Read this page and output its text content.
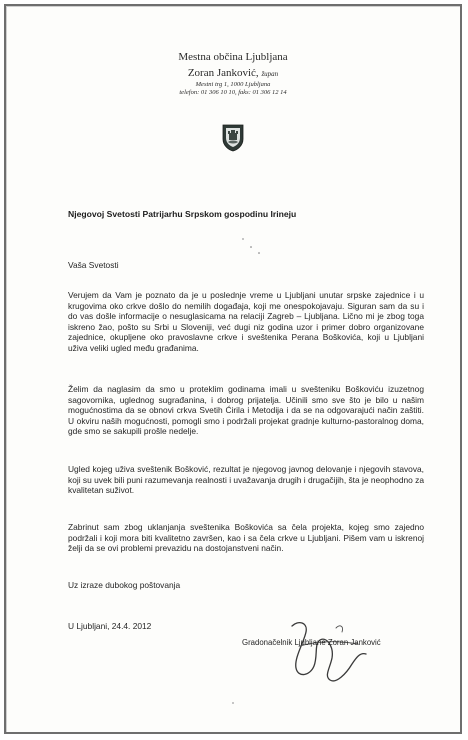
Mestna občina Ljubljana
Zoran Janković, župan
Mestni trg 1, 1000 Ljubljana
telefon: 01 306 10 10, faks: 01 306 12 14
Njegovoj Svetosti Patrijarhu Srpskom gospodinu Irineju
Vaša Svetosti
Verujem da Vam je poznato da je u poslednje vreme u Ljubljani unutar srpske zajednice i u krugovima oko crkve došlo do nemilih događaja, koji me onespokojavaju. Siguran sam da su i do vas došle informacije o nesuglasicama na relaciji Zagreb – Ljubljana. Lično mi je zbog toga iskreno žao, pošto su Srbi u Sloveniji, već dugi niz godina uzor i primer dobro organizovane zajednice, okupljene oko pravoslavne crkve i sveštenika Perana Boškovića, koji u Ljubljani uživa veliki ugled među građanima.
Želim da naglasim da smo u proteklim godinama imali u svešteniku Boškoviću izuzetnog sagovornika, uglednog sugrađanina, i dobrog prijatelja. Učinili smo sve što je bilo u našim mogućnostima da se obnovi crkva Svetih Ćirila i Metodija i da se na odgovarajući način zaštiti. U okviru naših mogućnosti, pomogli smo i podržali projekat gradnje kulturno-pastoralnog doma, gde smo se sakupili prošle nedelje.
Ugled kojeg uživa sveštenik Bošković, rezultat je njegovog javnog delovanje i njegovih stavova, koji su uvek bili puni razumevanja realnosti i uvažavanja drugih i drugačijih, šta je neophodno za kvalitetan suživot.
Zabrinut sam zbog uklanjanja sveštenika Boškovića sa čela projekta, kojeg smo zajedno podržali i koji mora biti kvalitetno završen, kao i sa čela crkve u Ljubljani. Pišem vam u iskrenoj želji da se ovi problemi prevazidu na dostojanstveni način.
Uz izraze dubokog poštovanja
U Ljubljani, 24.4. 2012
Gradonačelnik Ljubljane Zoran Janković
